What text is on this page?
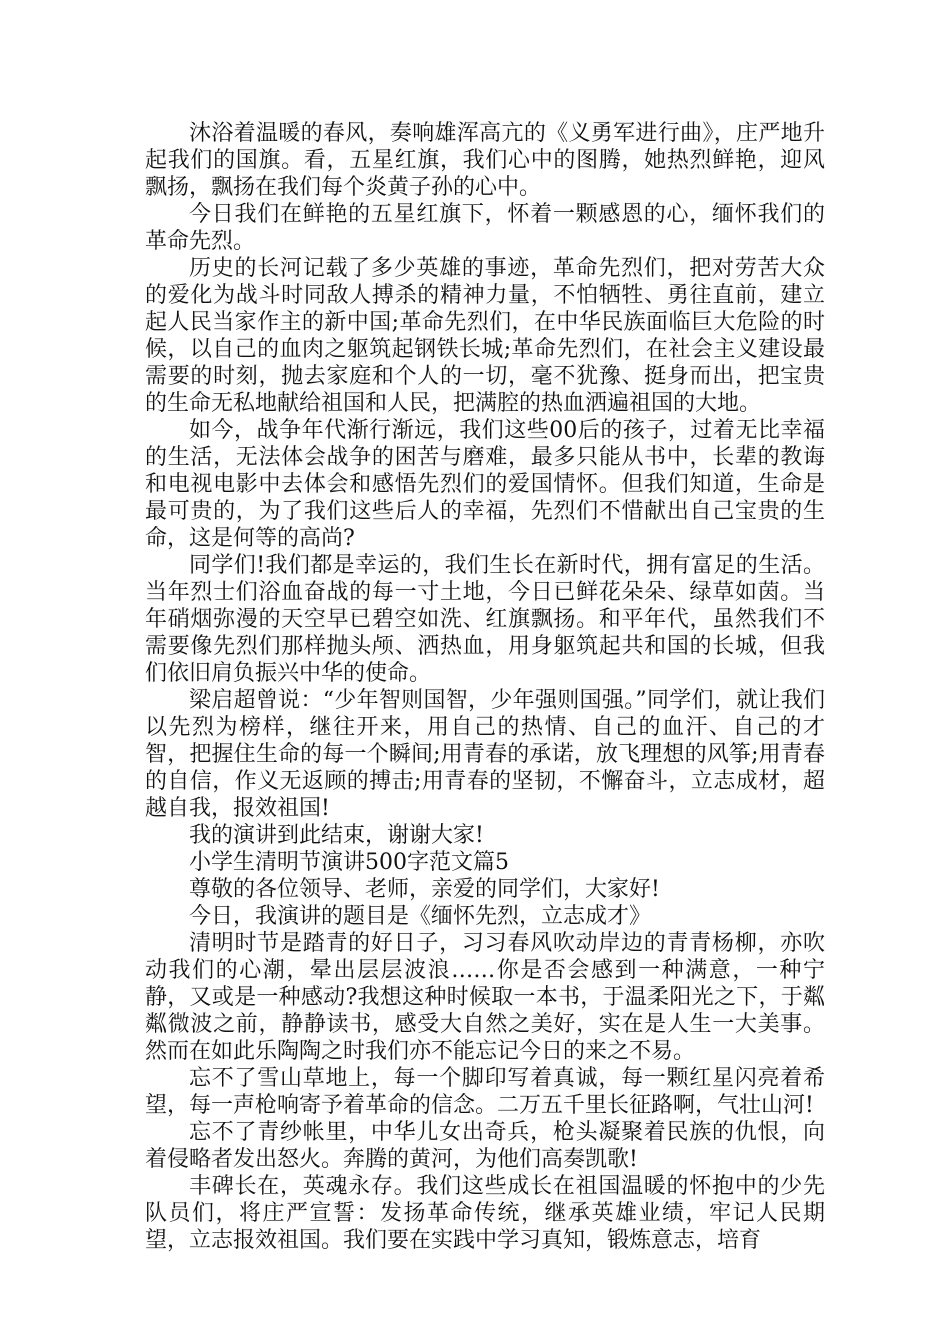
沐浴着温暖的春风，奏响雄浑高亢的《义勇军进行曲》，庄严地升起我们的国旗。看，五星红旗，我们心中的图腾，她热烈鲜艳，迎风飘扬，飘扬在我们每个炎黄子孙的心中。

今日我们在鲜艳的五星红旗下，怀着一颗感恩的心，缅怀我们的革命先烈。

历史的长河记载了多少英雄的事迹，革命先烈们，把对劳苦大众的爱化为战斗时同敌人搏杀的精神力量，不怕牺牲、勇往直前，建立起人民当家作主的新中国;革命先烈们，在中华民族面临巨大危险的时候，以自己的血肉之躯筑起钢铁长城;革命先烈们，在社会主义建设最需要的时刻，抛去家庭和个人的一切，毫不犹豫、挺身而出，把宝贵的生命无私地献给祖国和人民，把满腔的热血洒遍祖国的大地。

如今，战争年代渐行渐远，我们这些00后的孩子，过着无比幸福的生活，无法体会战争的困苦与磨难，最多只能从书中，长辈的教诲和电视电影中去体会和感悟先烈们的爱国情怀。但我们知道，生命是最可贵的，为了我们这些后人的幸福，先烈们不惜献出自己宝贵的生命，这是何等的高尚?

同学们!我们都是幸运的，我们生长在新时代，拥有富足的生活。当年烈士们浴血奋战的每一寸土地，今日已鲜花朵朵、绿草如茵。当年硝烟弥漫的天空早已碧空如洗、红旗飘扬。和平年代，虽然我们不需要像先烈们那样抛头颅、洒热血，用身躯筑起共和国的长城，但我们依旧肩负振兴中华的使命。

梁启超曾说：“少年智则国智，少年强则国强。”同学们，就让我们以先烈为榜样，继往开来，用自己的热情、自己的血汗、自己的才智，把握住生命的每一个瞬间;用青春的承诺，放飞理想的风筝;用青春的自信，作义无返顾的搏击;用青春的坚韧，不懈奋斗，立志成材，超越自我，报效祖国!

我的演讲到此结束，谢谢大家!

小学生清明节演讲500字范文篇5

尊敬的各位领导、老师，亲爱的同学们，大家好!

今日，我演讲的题目是《缅怀先烈，立志成才》

清明时节是踏青的好日子，习习春风吹动岸边的青青杨柳，亦吹动我们的心潮，晕出层层波浪……你是否会感到一种满意，一种宁静，又或是一种感动?我想这种时候取一本书，于温柔阳光之下，于粼粼微波之前，静静读书，感受大自然之美好，实在是人生一大美事。然而在如此乐陶陶之时我们亦不能忘记今日的来之不易。

忘不了雪山草地上，每一个脚印写着真诚，每一颗红星闪亮着希望，每一声枪响寄予着革命的信念。二万五千里长征路啊，气壮山河!

忘不了青纱帐里，中华儿女出奇兵，枪头凝聚着民族的仇恨，向着侵略者发出怒火。奔腾的黄河，为他们高奏凯歌!

丰碑长在，英魂永存。我们这些成长在祖国温暖的怀抱中的少先队员们，将庄严宣誓：发扬革命传统，继承英雄业绩，牢记人民期望，立志报效祖国。我们要在实践中学习真知，锻炼意志，培育
